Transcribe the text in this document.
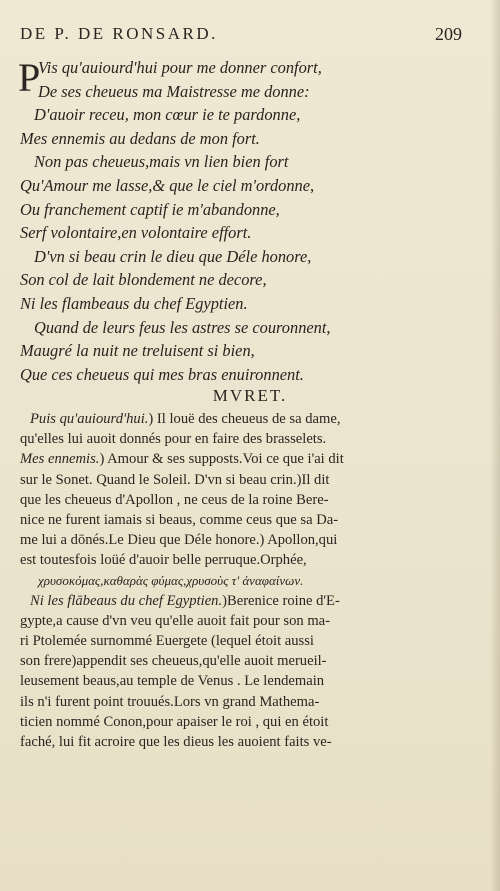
DE P. DE RONSARD.	209
P
Vis qu'auiourd'hui pour me donner confort,
De ses cheueus ma Maistresse me donne:
D'auoir receu, mon cœur ie te pardonne,
Mes ennemis au dedans de mon fort.
Non pas cheueus,mais vn lien bien fort
Qu'Amour me lasse,& que le ciel m'ordonne,
Ou franchement captif ie m'abandonne,
Serf volontaire,en volontaire effort.
D'vn si beau crin le dieu que Déle honore,
Son col de lait blondement ne decore,
Ni les flambeaus du chef Egyptien.
Quand de leurs feus les astres se couronnent,
Maugré la nuit ne treluisent si bien,
Que ces cheueus qui mes bras enuironnent.
MVRET.
Puis qu'auiourd'hui.) Il louë des cheueus de sa dame,
qu'elles lui auoit donnés pour en faire des brasselets.
Mes ennemis.) Amour & ses supposts.Voi ce que i'ai dit
sur le Sonet. Quand le Soleil. D'vn si beau crin.)Il dit
que les cheueus d'Apollon , ne ceus de la roine Bere-
nice ne furent iamais si beaus, comme ceus que sa Da-
me lui a dōnés.Le Dieu que Déle honore.) Apollon,qui
est toutesfois loüé d'auoir belle perruque.Orphée,
χρυσοκόμας,καθαρὰς φύμας,χρυσοὺς τ' ἀναφαίνων.
Ni les flābeaus du chef Egyptien.)Berenice roine d'E-
gypte,a cause d'vn veu qu'elle auoit fait pour son ma-
ri Ptolemée surnommé Euergete (lequel étoit aussi
son frere)appendit ses cheueus,qu'elle auoit merueil-
leusement beaus,au temple de Venus . Le lendemain
ils n'i furent point trouués.Lors vn grand Mathema-
ticien nommé Conon,pour apaiser le roi , qui en étoit
faché, lui fit acroire que les dieus les auoient faits ve-
